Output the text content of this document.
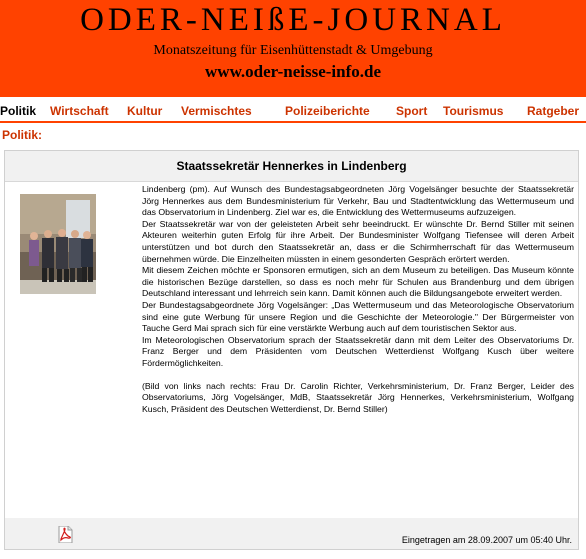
ODER-NEIßE-JOURNAL
Monatszeitung für Eisenhüttenstadt & Umgebung
www.oder-neisse-info.de
Politik Wirtschaft Kultur Vermischtes	Polizeiberichte Sport Tourismus Ratgeber
Politik:
Staatssekretär Hennerkes in Lindenberg

Lindenberg (pm). Auf Wunsch des Bundestagsabgeordneten Jörg Vogelsänger besuchte der Staatssekretär Jörg Hennerkes aus dem Bundesministerium für Verkehr, Bau und Stadtentwicklung das Wettermuseum und das Observatorium in Lindenberg. Ziel war es, die Entwicklung des Wettermuseums aufzuzeigen.

Der Staatssekretär war von der geleisteten Arbeit sehr beeindruckt. Er wünschte Dr. Bernd Stiller mit seinen Akteuren weiterhin guten Erfolg für ihre Arbeit. Der Bundesminister Wolfgang Tiefensee will deren Arbeit unterstützen und bot durch den Staatssekretär an, dass er die Schirmherrschaft für das Wettermuseum übernehmen würde. Die Einzelheiten müssten in einem gesonderten Gespräch erörtert werden.

Mit diesem Zeichen möchte er Sponsoren ermutigen, sich an dem Museum zu beteiligen. Das Museum könnte die historischen Bezüge darstellen, so dass es noch mehr für Schulen aus Brandenburg und dem übrigen Deutschland interessant und lehrreich sein kann. Damit können auch die Bildungsangebote erweitert werden.

Der Bundestagsabgeordnete Jörg Vogelsänger: „Das Wettermuseum und das Meteorologische Observatorium sind eine gute Werbung für unsere Region und die Geschichte der Meteorologie." Der Bürgermeister von Tauche Gerd Mai sprach sich für eine verstärkte Werbung auch auf dem touristischen Sektor aus.

Im Meteorologischen Observatorium sprach der Staatssekretär dann mit dem Leiter des Observatoriums Dr. Franz Berger und dem Präsidenten vom Deutschen Wetterdienst Wolfgang Kusch über weitere Fördermöglichkeiten.

(Bild von links nach rechts: Frau Dr. Carolin Richter, Verkehrsministerium, Dr. Franz Berger, Leider des Observatoriums, Jörg Vogelsänger, MdB, Staatssekretär Jörg Hennerkes, Verkehrsministerium, Wolfgang Kusch, Präsident des Deutschen Wetterdienst, Dr. Bernd Stiller)

Eingetragen am 28.09.2007 um 05:40 Uhr.
